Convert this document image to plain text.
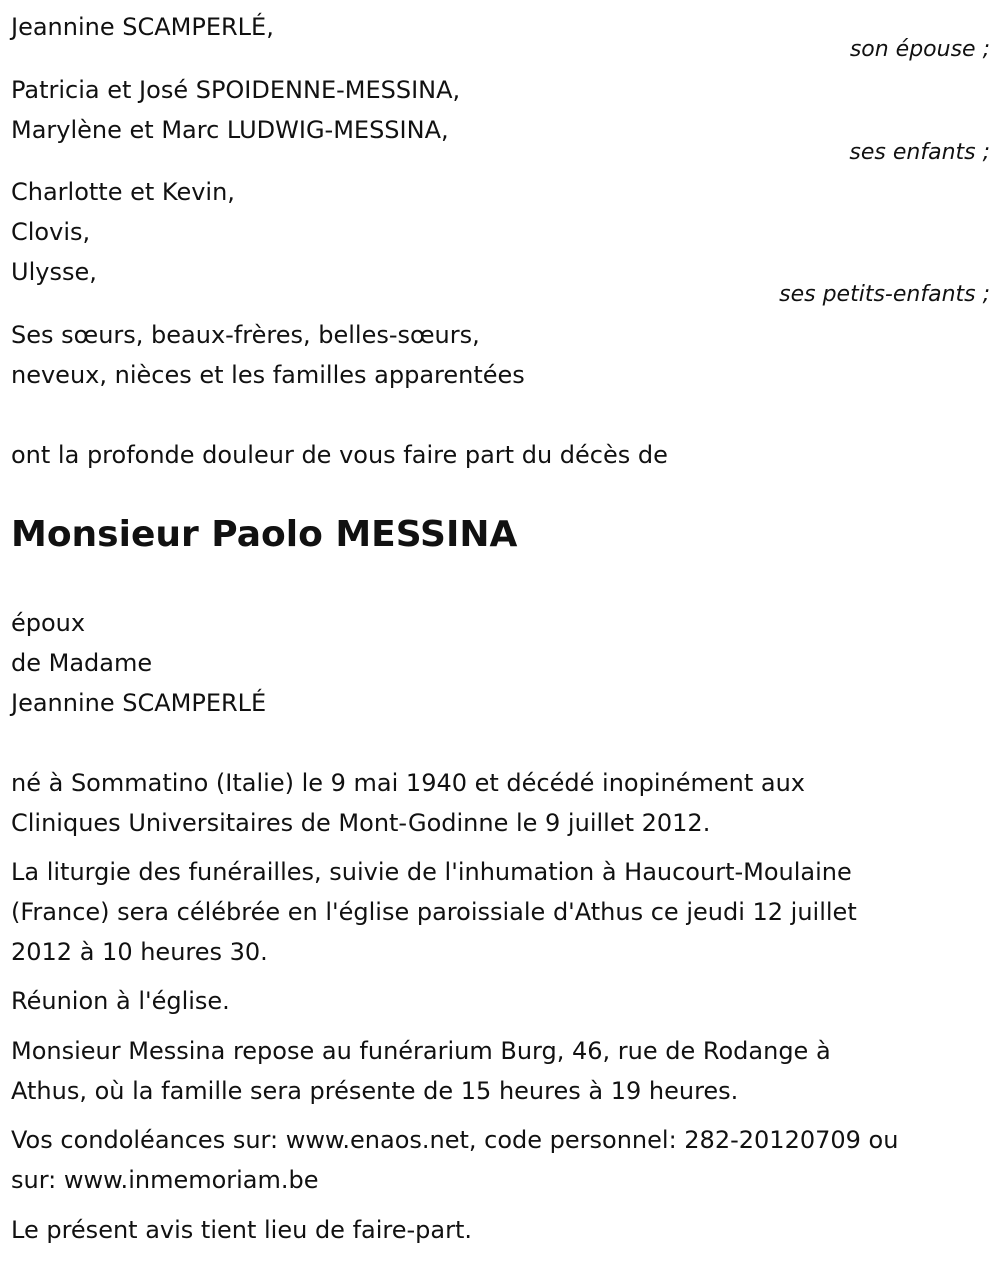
Jeannine SCAMPERLÉ,

son épouse ;

Patricia et José SPOIDENNE-MESSINA,

Marylène et Marc LUDWIG-MESSINA,

ses enfants ;

Charlotte et Kevin,

Clovis,

Ulysse,

ses petits-enfants ;

Ses sœurs, beaux-frères, belles-sœurs,

neveux, nièces et les familles apparentées

ont la profonde douleur de vous faire part du décès de

Monsieur Paolo MESSINA

époux

de Madame

Jeannine SCAMPERLÉ

né à Sommatino (Italie) le 9 mai 1940 et décédé inopinément aux

Cliniques Universitaires de Mont-Godinne le 9 juillet 2012.

La liturgie des funérailles, suivie de l'inhumation à Haucourt-Moulaine

(France) sera célébrée en l'église paroissiale d'Athus ce jeudi 12 juillet

2012 à 10 heures 30.

Réunion à l'église.

Monsieur Messina repose au funérarium Burg, 46, rue de Rodange à

Athus, où la famille sera présente de 15 heures à 19 heures.

Vos condoléances sur: www.enaos.net, code personnel: 282-20120709 ou

sur: www.inmemoriam.be

Le présent avis tient lieu de faire-part.
